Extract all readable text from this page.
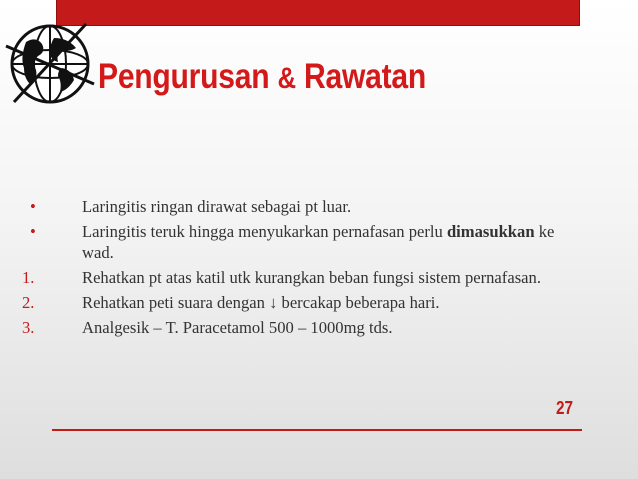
Pengurusan & Rawatan
•	Laringitis ringan dirawat sebagai pt luar.
•	Laringitis teruk hingga menyukarkan pernafasan perlu dimasukkan ke wad.
1.	Rehatkan pt atas katil utk kurangkan beban fungsi sistem pernafasan.
2.	Rehatkan peti suara dengan ↓ bercakap beberapa hari.
3.	Analgesik – T. Paracetamol 500 – 1000mg tds.
27
